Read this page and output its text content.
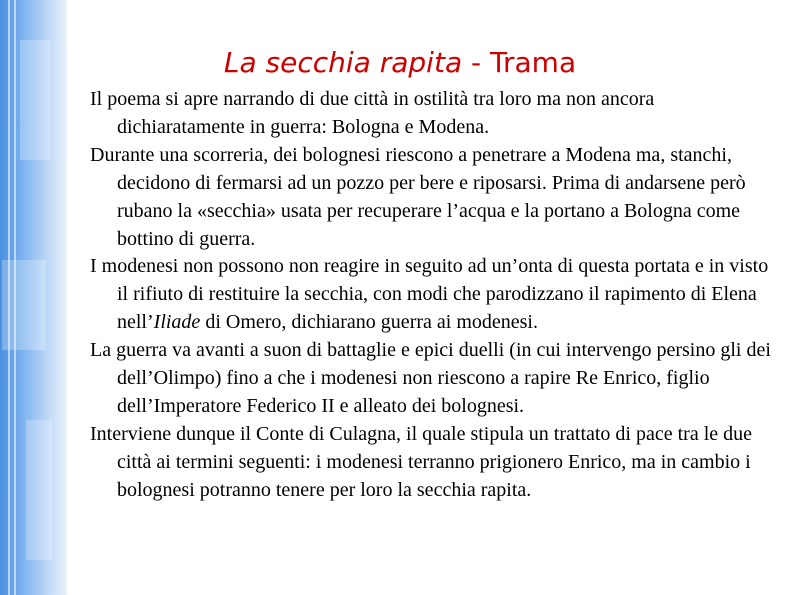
La secchia rapita - Trama

Il poema si apre narrando di due città in ostilità tra loro ma non ancora dichiaratamente in guerra: Bologna e Modena.

Durante una scorreria, dei bolognesi riescono a penetrare a Modena ma, stanchi, decidono di fermarsi ad un pozzo per bere e riposarsi. Prima di andarsene però rubano la «secchia» usata per recuperare l’acqua e la portano a Bologna come bottino di guerra.

I modenesi non possono non reagire in seguito ad un’onta di questa portata e in visto il rifiuto di restituire la secchia, con modi che parodizzano il rapimento di Elena nell’Iliade di Omero, dichiarano guerra ai modenesi.

La guerra va avanti a suon di battaglie e epici duelli (in cui intervengo persino gli dei dell’Olimpo) fino a che i modenesi non riescono a rapire Re Enrico, figlio dell’Imperatore Federico II e alleato dei bolognesi.

Interviene dunque il Conte di Culagna, il quale stipula un trattato di pace tra le due città ai termini seguenti: i modenesi terranno prigionero Enrico, ma in cambio i bolognesi potranno tenere per loro la secchia rapita.
